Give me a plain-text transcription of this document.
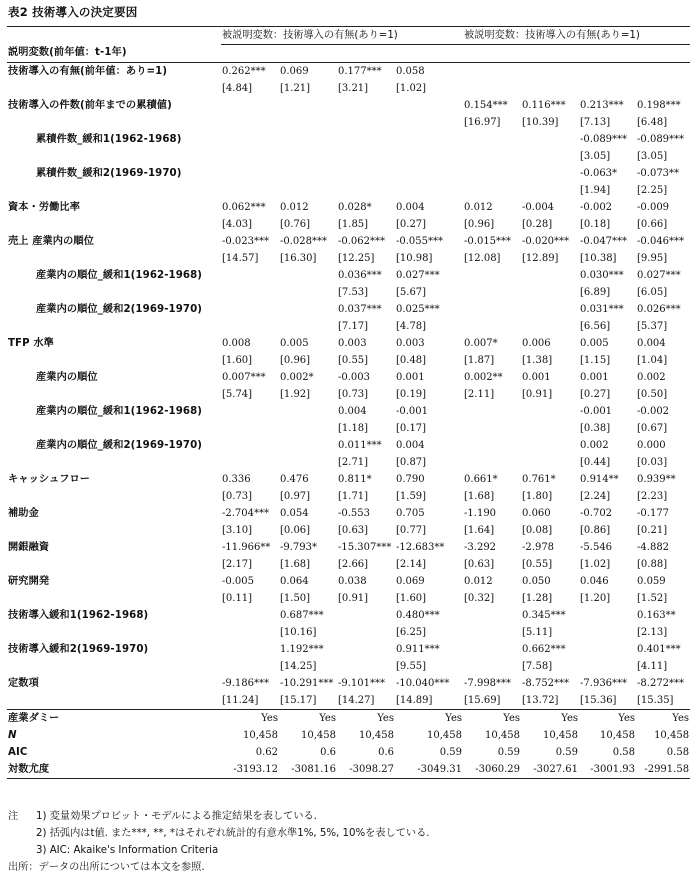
表2 技術導入の決定要因
	被説明変数：技術導入の有無(あり=1)				被説明変数：技術導入の有無(あり=1)			
説明変数(前年値：t-1年)								
技術導入の有無(前年値：あり=1)	0.262***	0.069	0.177***	0.058				
	[4.84]	[1.21]	[3.21]	[1.02]				
技術導入の件数(前年までの累積値)					0.154***	0.116***	0.213***	0.198***
					[16.97]	[10.39]	[7.13]	[6.48]
累積件数_緩和1(1962-1968)							-0.089***	-0.089***
							[3.05]	[3.05]
累積件数_緩和2(1969-1970)							-0.063*	-0.073**
							[1.94]	[2.25]
資本・労働比率	0.062***	0.012	0.028*	0.004	0.012	-0.004	-0.002	-0.009
	[4.03]	[0.76]	[1.85]	[0.27]	[0.96]	[0.28]	[0.18]	[0.66]
売上 産業内の順位	-0.023***	-0.028***	-0.062***	-0.055***	-0.015***	-0.020***	-0.047***	-0.046***
	[14.57]	[16.30]	[12.25]	[10.98]	[12.08]	[12.89]	[10.38]	[9.95]
産業内の順位_緩和1(1962-1968)			0.036***	0.027***			0.030***	0.027***
			[7.53]	[5.67]			[6.89]	[6.05]
産業内の順位_緩和2(1969-1970)			0.037***	0.025***			0.031***	0.026***
			[7.17]	[4.78]			[6.56]	[5.37]
TFP 水準	0.008	0.005	0.003	0.003	0.007*	0.006	0.005	0.004
	[1.60]	[0.96]	[0.55]	[0.48]	[1.87]	[1.38]	[1.15]	[1.04]
産業内の順位	0.007***	0.002*	-0.003	0.001	0.002**	0.001	0.001	0.002
	[5.74]	[1.92]	[0.73]	[0.19]	[2.11]	[0.91]	[0.27]	[0.50]
産業内の順位_緩和1(1962-1968)			0.004	-0.001			-0.001	-0.002
			[1.18]	[0.17]			[0.38]	[0.67]
産業内の順位_緩和2(1969-1970)			0.011***	0.004			0.002	0.000
			[2.71]	[0.87]			[0.44]	[0.03]
キャッシュフロー	0.336	0.476	0.811*	0.790	0.661*	0.761*	0.914**	0.939**
	[0.73]	[0.97]	[1.71]	[1.59]	[1.68]	[1.80]	[2.24]	[2.23]
補助金	-2.704***	0.054	-0.553	0.705	-1.190	0.060	-0.702	-0.177
	[3.10]	[0.06]	[0.63]	[0.77]	[1.64]	[0.08]	[0.86]	[0.21]
開銀融資	-11.966**	-9.793*	-15.307***	-12.683**	-3.292	-2.978	-5.546	-4.882
	[2.17]	[1.68]	[2.66]	[2.14]	[0.63]	[0.55]	[1.02]	[0.88]
研究開発	-0.005	0.064	0.038	0.069	0.012	0.050	0.046	0.059
	[0.11]	[1.50]	[0.91]	[1.60]	[0.32]	[1.28]	[1.20]	[1.52]
技術導入緩和1(1962-1968)		0.687***		0.480***		0.345***		0.163**
		[10.16]		[6.25]		[5.11]		[2.13]
技術導入緩和2(1969-1970)		1.192***		0.911***		0.662***		0.401***
		[14.25]		[9.55]		[7.58]		[4.11]
定数項	-9.186***	-10.291***	-9.101***	-10.040***	-7.998***	-8.752***	-7.936***	-8.272***
	[11.24]	[15.17]	[14.27]	[14.89]	[15.69]	[13.72]	[15.36]	[15.35]
産業ダミー	Yes	Yes	Yes	Yes	Yes	Yes	Yes	Yes
N	10,458	10,458	10,458	10,458	10,458	10,458	10,458	10,458
AIC	0.62	0.6	0.6	0.59	0.59	0.59	0.58	0.58
対数尤度	-3193.12	-3081.16	-3098.27	-3049.31	-3060.29	-3027.61	-3001.93	-2991.58
注	1) 変量効果プロビット・モデルによる推定結果を表している.
2) 括弧内はt値. また***, **, *はそれぞれ統計的有意水準1%, 5%, 10%を表している.
3) AIC: Akaike's Information Criteria
出所：データの出所については本文を参照.
